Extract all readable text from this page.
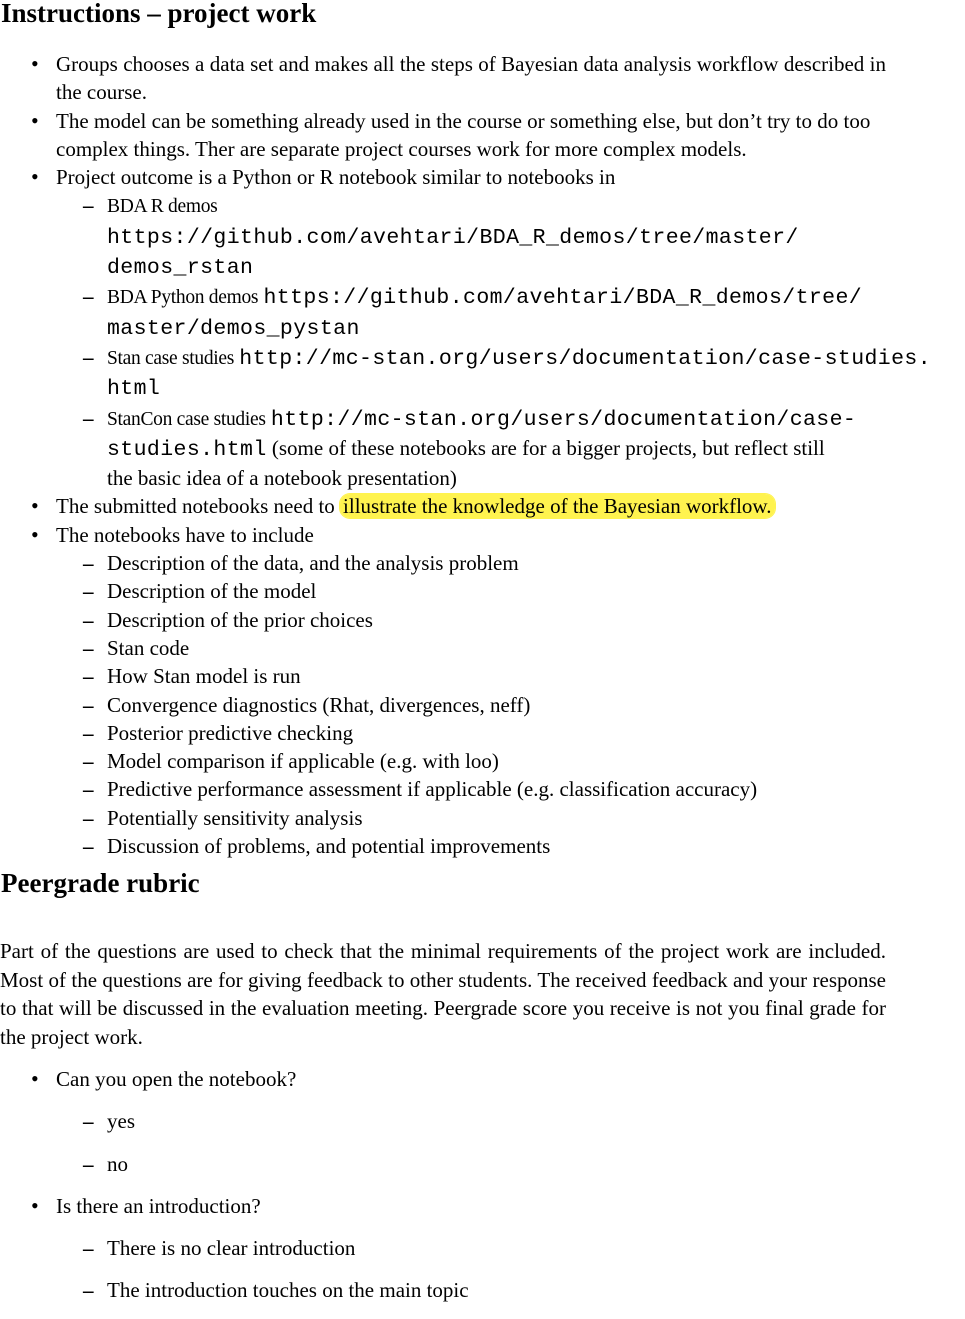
Instructions – project work
• Groups chooses a data set and makes all the steps of Bayesian data analysis workflow described in the course.
• The model can be something already used in the course or something else, but don’t try to do too complex things. Ther are separate project courses work for more complex models.
• Project outcome is a Python or R notebook similar to notebooks in
– BDA R demos https://github.com/avehtari/BDA_R_demos/tree/master/
demos_rstan
– BDA Python demos https://github.com/avehtari/BDA_R_demos/tree/
master/demos_pystan
– Stan case studies http://mc-stan.org/users/documentation/case-studies.
html
– StanCon case studies http://mc-stan.org/users/documentation/case-
studies.html (some of these notebooks are for a bigger projects, but reflect still
the basic idea of a notebook presentation)
• The submitted notebooks need to illustrate the knowledge of the Bayesian workflow.
• The notebooks have to include
– Description of the data, and the analysis problem
– Description of the model
– Description of the prior choices
– Stan code
– How Stan model is run
– Convergence diagnostics (Rhat, divergences, neff)
– Posterior predictive checking
– Model comparison if applicable (e.g. with loo)
– Predictive performance assessment if applicable (e.g. classification accuracy)
– Potentially sensitivity analysis
– Discussion of problems, and potential improvements
Peergrade rubric

Part of the questions are used to check that the minimal requirements of the project work are included. Most of the questions are for giving feedback to other students. The received feedback and your response to that will be discussed in the evaluation meeting. Peergrade score you receive is not you final grade for the project work.

• Can you open the notebook?
– yes
– no
• Is there an introduction?
– There is no clear introduction
– The introduction touches on the main topic
